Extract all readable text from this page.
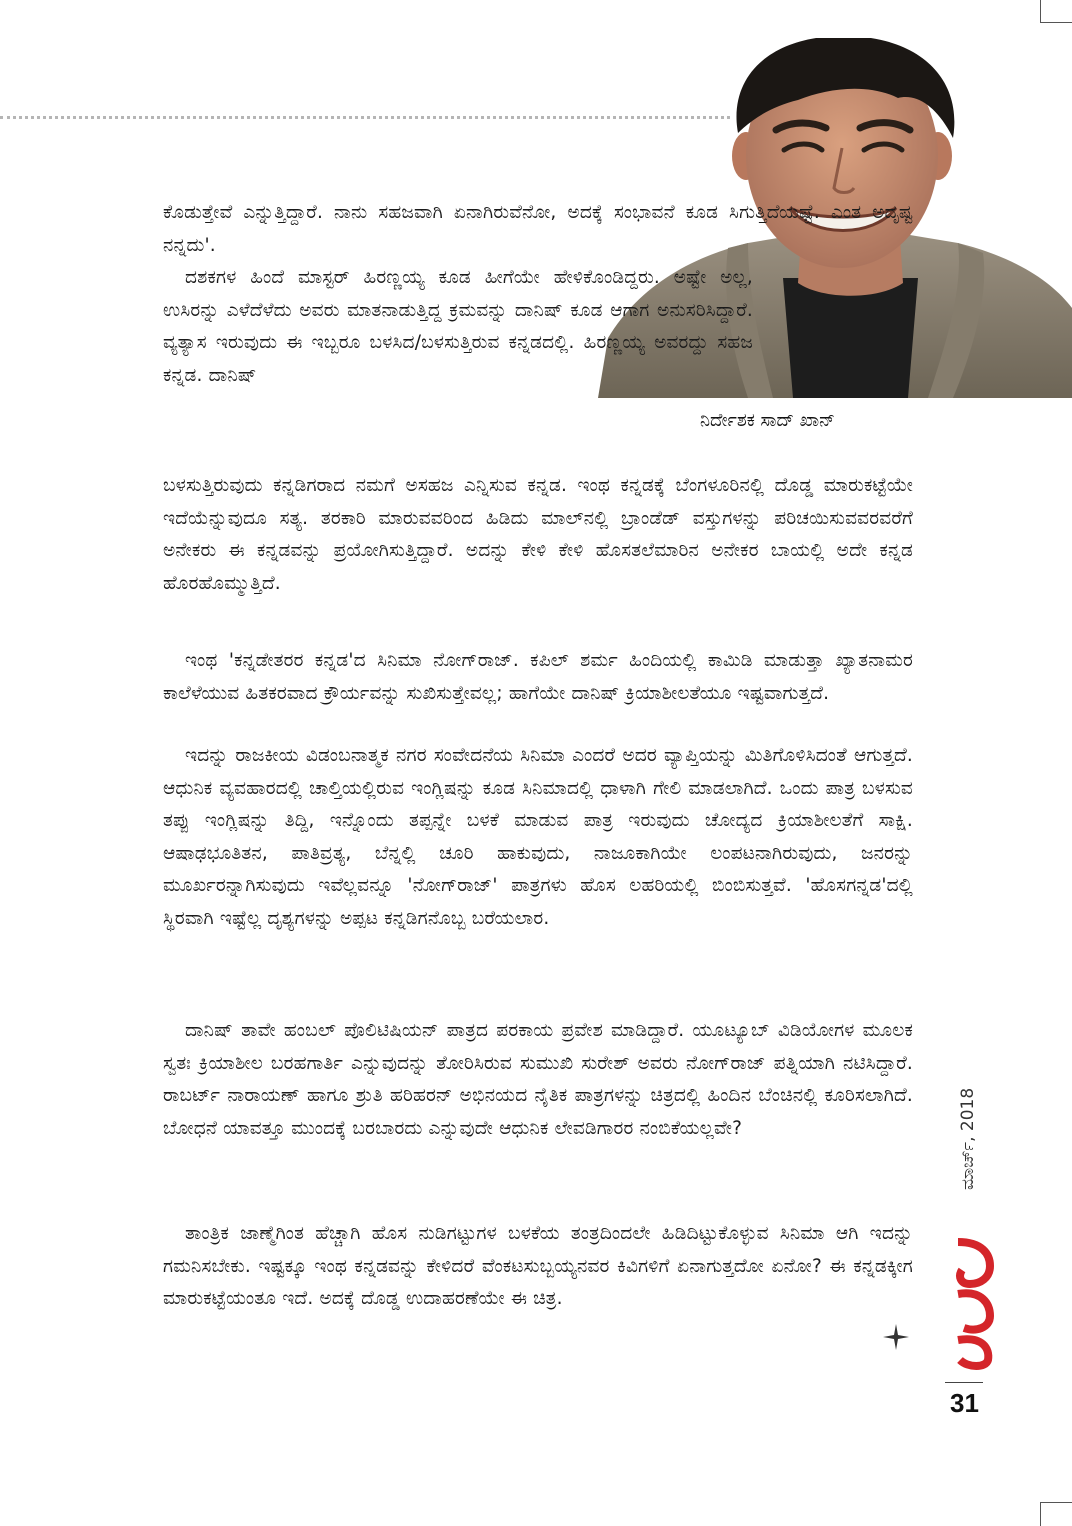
ನಿರ್ದೇಶಕ ಸಾದ್ ಖಾನ್

ಕೊಡುತ್ತೇವೆ ಎನ್ನುತ್ತಿದ್ದಾರೆ. ನಾನು ಸಹಜವಾಗಿ ಏನಾಗಿರುವೆನೋ, ಅದಕ್ಕೆ ಸಂಭಾವನೆ ಕೂಡ ಸಿಗುತ್ತಿದೆಯಷ್ಟೆ. ಎಂತ ಅದೃಷ್ಟ ನನ್ನದು'.

ದಶಕಗಳ ಹಿಂದೆ ಮಾಸ್ಟರ್ ಹಿರಣ್ಣಯ್ಯ ಕೂಡ ಹೀಗೆಯೇ ಹೇಳಿಕೊಂಡಿದ್ದರು. ಅಷ್ಟೇ ಅಲ್ಲ, ಉಸಿರನ್ನು ಎಳೆದೆಳೆದು ಅವರು ಮಾತನಾಡುತ್ತಿದ್ದ ಕ್ರಮವನ್ನು ದಾನಿಷ್ ಕೂಡ ಆಗಾಗ ಅನುಸರಿಸಿದ್ದಾರೆ. ವ್ಯತ್ಯಾಸ ಇರುವುದು ಈ ಇಬ್ಬರೂ ಬಳಸಿದ/ಬಳಸುತ್ತಿರುವ ಕನ್ನಡದಲ್ಲಿ. ಹಿರಣ್ಣಯ್ಯ ಅವರದ್ದು ಸಹಜ ಕನ್ನಡ. ದಾನಿಷ್

ಬಳಸುತ್ತಿರುವುದು ಕನ್ನಡಿಗರಾದ ನಮಗೆ ಅಸಹಜ ಎನ್ನಿಸುವ ಕನ್ನಡ. ಇಂಥ ಕನ್ನಡಕ್ಕೆ ಬೆಂಗಳೂರಿನಲ್ಲಿ ದೊಡ್ಡ ಮಾರುಕಟ್ಟೆಯೇ ಇದೆಯೆನ್ನುವುದೂ ಸತ್ಯ. ತರಕಾರಿ ಮಾರುವವರಿಂದ ಹಿಡಿದು ಮಾಲ್‌ನಲ್ಲಿ ಬ್ರಾಂಡೆಡ್ ವಸ್ತುಗಳನ್ನು ಪರಿಚಯಿಸುವವರವರೆಗೆ ಅನೇಕರು ಈ ಕನ್ನಡವನ್ನು ಪ್ರಯೋಗಿಸುತ್ತಿದ್ದಾರೆ. ಅದನ್ನು ಕೇಳಿ ಕೇಳಿ ಹೊಸತಲೆಮಾರಿನ ಅನೇಕರ ಬಾಯಲ್ಲಿ ಅದೇ ಕನ್ನಡ ಹೊರಹೊಮ್ಮುತ್ತಿದೆ.

ಇಂಥ 'ಕನ್ನಡೇತರರ ಕನ್ನಡ'ದ ಸಿನಿಮಾ ನೋಗ್‌ರಾಜ್. ಕಪಿಲ್ ಶರ್ಮ ಹಿಂದಿಯಲ್ಲಿ ಕಾಮಿಡಿ ಮಾಡುತ್ತಾ ಖ್ಯಾತನಾಮರ ಕಾಲೆಳೆಯುವ ಹಿತಕರವಾದ ಕ್ರೌರ್ಯವನ್ನು ಸುಖಿಸುತ್ತೇವಲ್ಲ; ಹಾಗೆಯೇ ದಾನಿಷ್ ಕ್ರಿಯಾಶೀಲತೆಯೂ ಇಷ್ಟವಾಗುತ್ತದೆ.

ಇದನ್ನು ರಾಜಕೀಯ ವಿಡಂಬನಾತ್ಮಕ ನಗರ ಸಂವೇದನೆಯ ಸಿನಿಮಾ ಎಂದರೆ ಅದರ ವ್ಯಾಪ್ತಿಯನ್ನು ಮಿತಿಗೊಳಿಸಿದಂತೆ ಆಗುತ್ತದೆ. ಆಧುನಿಕ ವ್ಯವಹಾರದಲ್ಲಿ ಚಾಲ್ತಿಯಲ್ಲಿರುವ ಇಂಗ್ಲಿಷನ್ನು ಕೂಡ ಸಿನಿಮಾದಲ್ಲಿ ಧಾಳಾಗಿ ಗೇಲಿ ಮಾಡಲಾಗಿದೆ. ಒಂದು ಪಾತ್ರ ಬಳಸುವ ತಪ್ಪು ಇಂಗ್ಲಿಷನ್ನು ತಿದ್ದಿ, ಇನ್ನೊಂದು ತಪ್ಪನ್ನೇ ಬಳಕೆ ಮಾಡುವ ಪಾತ್ರ ಇರುವುದು ಚೋದ್ಯದ ಕ್ರಿಯಾಶೀಲತೆಗೆ ಸಾಕ್ಷಿ. ಆಷಾಢಭೂತಿತನ, ಪಾತಿವ್ರತ್ಯ, ಬೆನ್ನಲ್ಲಿ ಚೂರಿ ಹಾಕುವುದು, ನಾಜೂಕಾಗಿಯೇ ಲಂಪಟನಾಗಿರುವುದು, ಜನರನ್ನು ಮೂರ್ಖರನ್ನಾಗಿಸುವುದು ಇವೆಲ್ಲವನ್ನೂ 'ನೋಗ್‌ರಾಜ್' ಪಾತ್ರಗಳು ಹೊಸ ಲಹರಿಯಲ್ಲಿ ಬಿಂಬಿಸುತ್ತವೆ. 'ಹೊಸಗನ್ನಡ'ದಲ್ಲಿ ಸ್ಥಿರವಾಗಿ ಇಷ್ಟೆಲ್ಲ ದೃಶ್ಯಗಳನ್ನು ಅಪ್ಪಟ ಕನ್ನಡಿಗನೊಬ್ಬ ಬರೆಯಲಾರ.

ದಾನಿಷ್ ತಾವೇ ಹಂಬಲ್ ಪೊಲಿಟಿಷಿಯನ್ ಪಾತ್ರದ ಪರಕಾಯ ಪ್ರವೇಶ ಮಾಡಿದ್ದಾರೆ. ಯೂಟ್ಯೂಬ್ ವಿಡಿಯೋಗಳ ಮೂಲಕ ಸ್ವತಃ ಕ್ರಿಯಾಶೀಲ ಬರಹಗಾರ್ತಿ ಎನ್ನುವುದನ್ನು ತೋರಿಸಿರುವ ಸುಮುಖಿ ಸುರೇಶ್ ಅವರು ನೋಗ್‌ರಾಜ್ ಪತ್ನಿಯಾಗಿ ನಟಿಸಿದ್ದಾರೆ. ರಾಬರ್ಟ್ ನಾರಾಯಣ್ ಹಾಗೂ ಶ್ರುತಿ ಹರಿಹರನ್ ಅಭಿನಯದ ನೈತಿಕ ಪಾತ್ರಗಳನ್ನು ಚಿತ್ರದಲ್ಲಿ ಹಿಂದಿನ ಬೆಂಚಿನಲ್ಲಿ ಕೂರಿಸಲಾಗಿದೆ. ಬೋಧನೆ ಯಾವತ್ತೂ ಮುಂದಕ್ಕೆ ಬರಬಾರದು ಎನ್ನುವುದೇ ಆಧುನಿಕ ಲೇವಡಿಗಾರರ ನಂಬಿಕೆಯಲ್ಲವೇ?

ತಾಂತ್ರಿಕ ಜಾಣ್ಮೆಗಿಂತ ಹೆಚ್ಚಾಗಿ ಹೊಸ ನುಡಿಗಟ್ಟುಗಳ ಬಳಕೆಯ ತಂತ್ರದಿಂದಲೇ ಹಿಡಿದಿಟ್ಟುಕೊಳ್ಳುವ ಸಿನಿಮಾ ಆಗಿ ಇದನ್ನು ಗಮನಿಸಬೇಕು. ಇಷ್ಟಕ್ಕೂ ಇಂಥ ಕನ್ನಡವನ್ನು ಕೇಳಿದರೆ ವೆಂಕಟಸುಬ್ಬಯ್ಯನವರ ಕಿವಿಗಳಿಗೆ ಏನಾಗುತ್ತದೋ ಏನೋ? ಈ ಕನ್ನಡಕ್ಕೀಗ ಮಾರುಕಟ್ಟೆಯಂತೂ ಇದೆ. ಅದಕ್ಕೆ ದೊಡ್ಡ ಉದಾಹರಣೆಯೇ ಈ ಚಿತ್ರ.

ಮಾರ್ಚ್, 2018
31
